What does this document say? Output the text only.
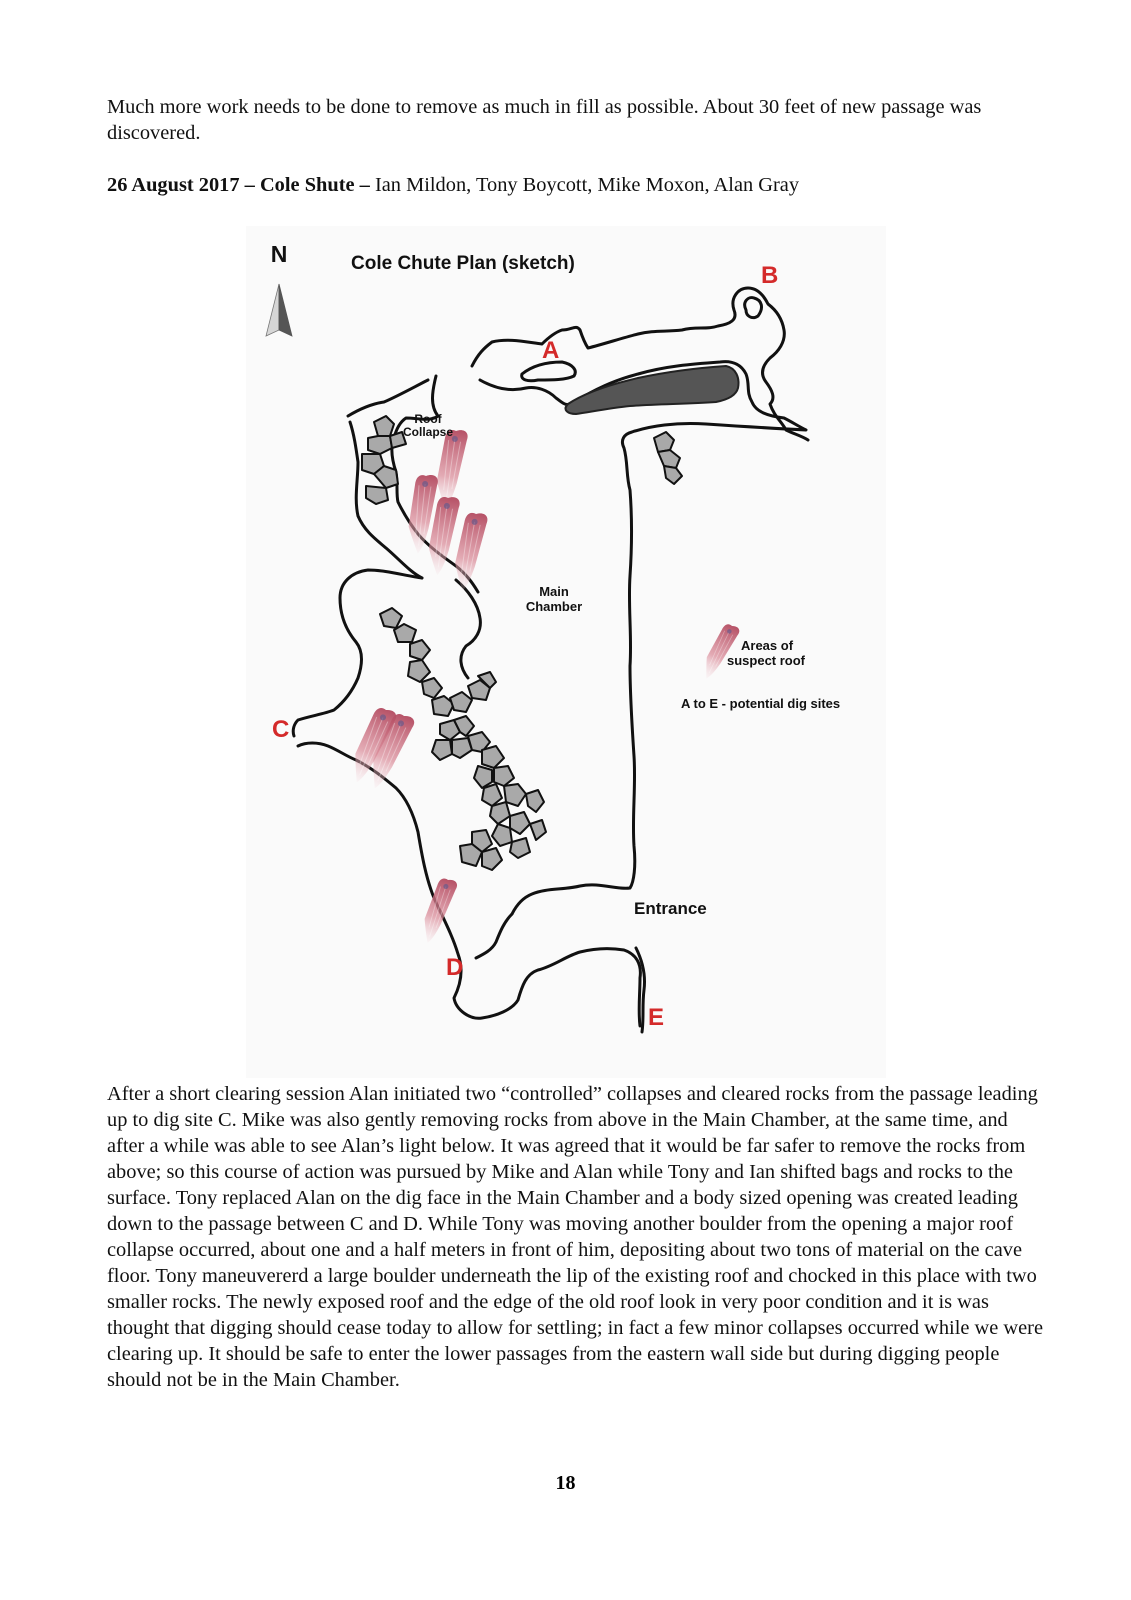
Much more work needs to be done to remove as much in fill as possible. About 30 feet of new passage was discovered.

26 August 2017 – Cole Shute – Ian Mildon, Tony Boycott, Mike Moxon, Alan Gray

N	Cole Chute Plan (sketch)
Roof
Collapse
Main
Chamber
Areas of
suspect roof
A to E - potential dig sites
Entrance
A
B
C
D
E

After a short clearing session Alan initiated two “controlled” collapses and cleared rocks from the passage leading up to dig site C. Mike was also gently removing rocks from above in the Main Chamber, at the same time, and after a while was able to see Alan’s light below. It was agreed that it would be far safer to remove the rocks from above; so this course of action was pursued by Mike and Alan while Tony and Ian shifted bags and rocks to the surface. Tony replaced Alan on the dig face in the Main Chamber and a body sized opening was created leading down to the passage between C and D. While Tony was moving another boulder from the opening a major roof collapse occurred, about one and a half meters in front of him, depositing about two tons of material on the cave floor. Tony maneuvererd a large boulder underneath the lip of the existing roof and chocked in this place with two smaller rocks. The newly exposed roof and the edge of the old roof look in very poor condition and it is was thought that digging should cease today to allow for settling; in fact a few minor collapses occurred while we were clearing up. It should be safe to enter the lower passages from the eastern wall side but during digging people should not be in the Main Chamber.

18
